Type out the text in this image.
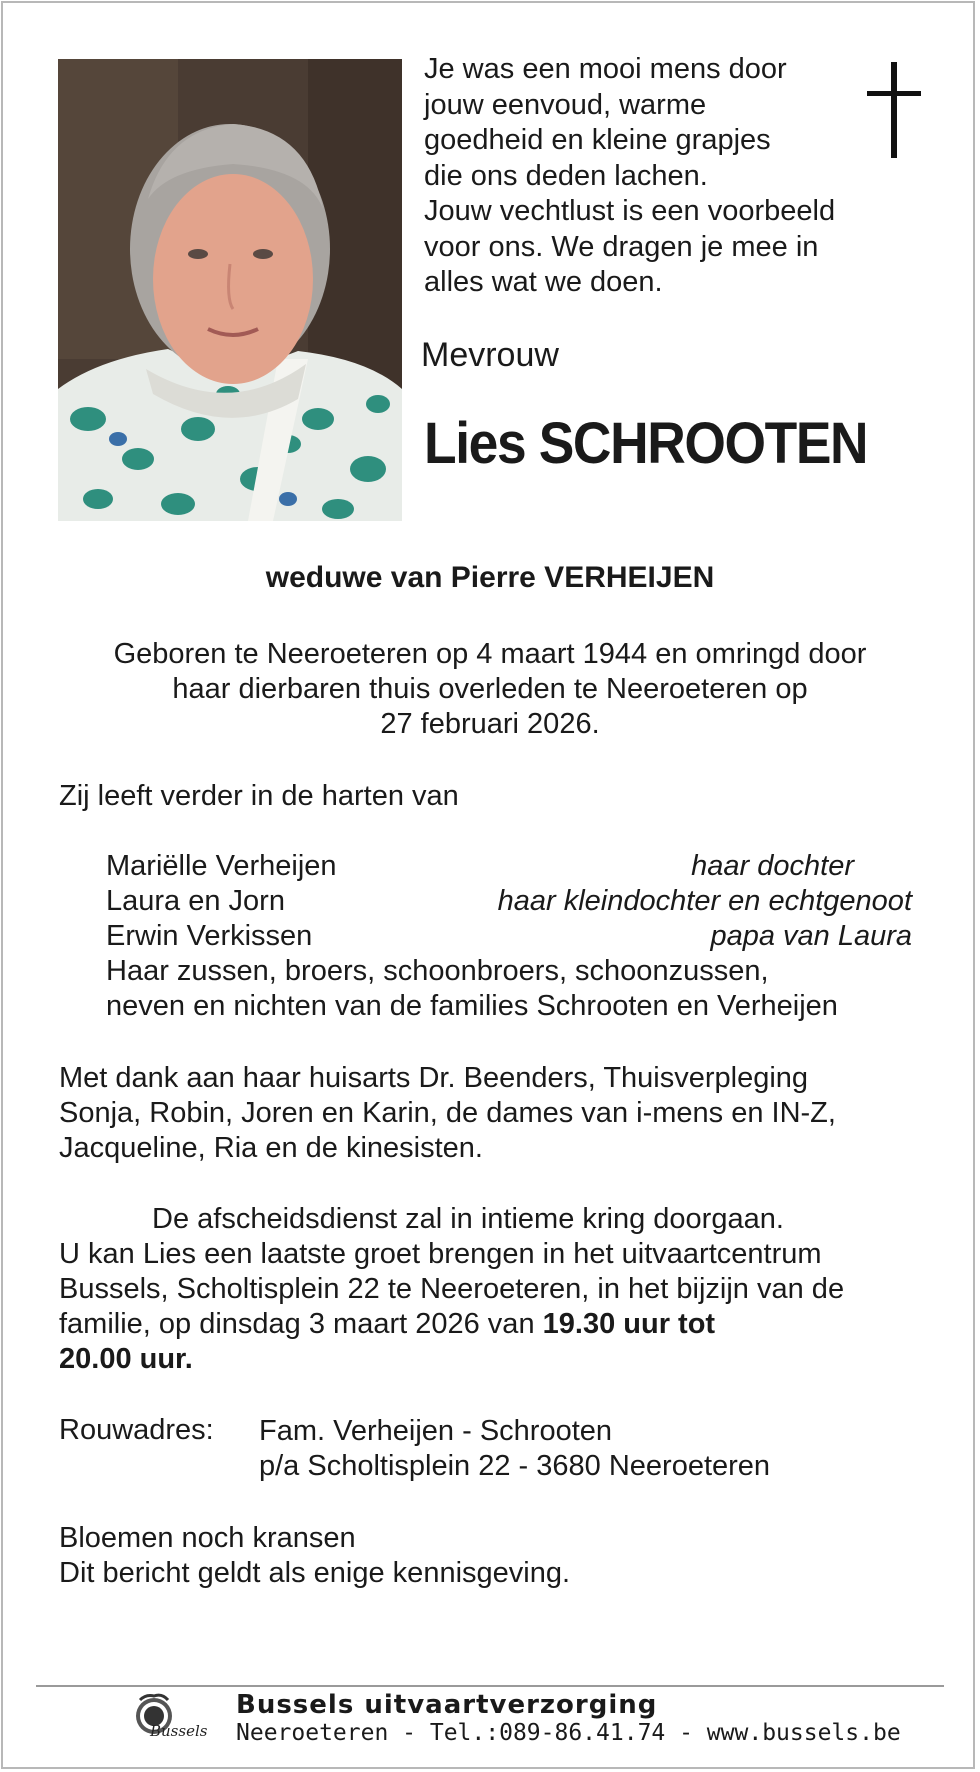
Je was een mooi mens door
jouw eenvoud, warme
goedheid en kleine grapjes
die ons deden lachen.
Jouw vechtlust is een voorbeeld
voor ons. We dragen je mee in
alles wat we doen.
Mevrouw
Lies SCHROOTEN
weduwe van Pierre VERHEIJEN
Geboren te Neeroeteren op 4 maart 1944 en omringd door
haar dierbaren thuis overleden te Neeroeteren op
27 februari 2026.
Zij leeft verder in de harten van
Mariëlle Verheijen	haar dochter
Laura en Jorn	haar kleindochter en echtgenoot
Erwin Verkissen	papa van Laura
Haar zussen, broers, schoonbroers, schoonzussen,
neven en nichten van de families Schrooten en Verheijen
Met dank aan haar huisarts Dr. Beenders, Thuisverpleging
Sonja, Robin, Joren en Karin, de dames van i-mens en IN-Z,
Jacqueline, Ria en de kinesisten.
De afscheidsdienst zal in intieme kring doorgaan.
U kan Lies een laatste groet brengen in het uitvaartcentrum
Bussels, Scholtisplein 22 te Neeroeteren, in het bijzijn van de
familie, op dinsdag 3 maart 2026 van 19.30 uur tot
20.00 uur.
Rouwadres: Fam. Verheijen - Schrooten
p/a Scholtisplein 22 - 3680 Neeroeteren
Bloemen noch kransen
Dit bericht geldt als enige kennisgeving.
Bussels
Bussels uitvaartverzorging
Neeroeteren - Tel.:089-86.41.74 - www.bussels.be
